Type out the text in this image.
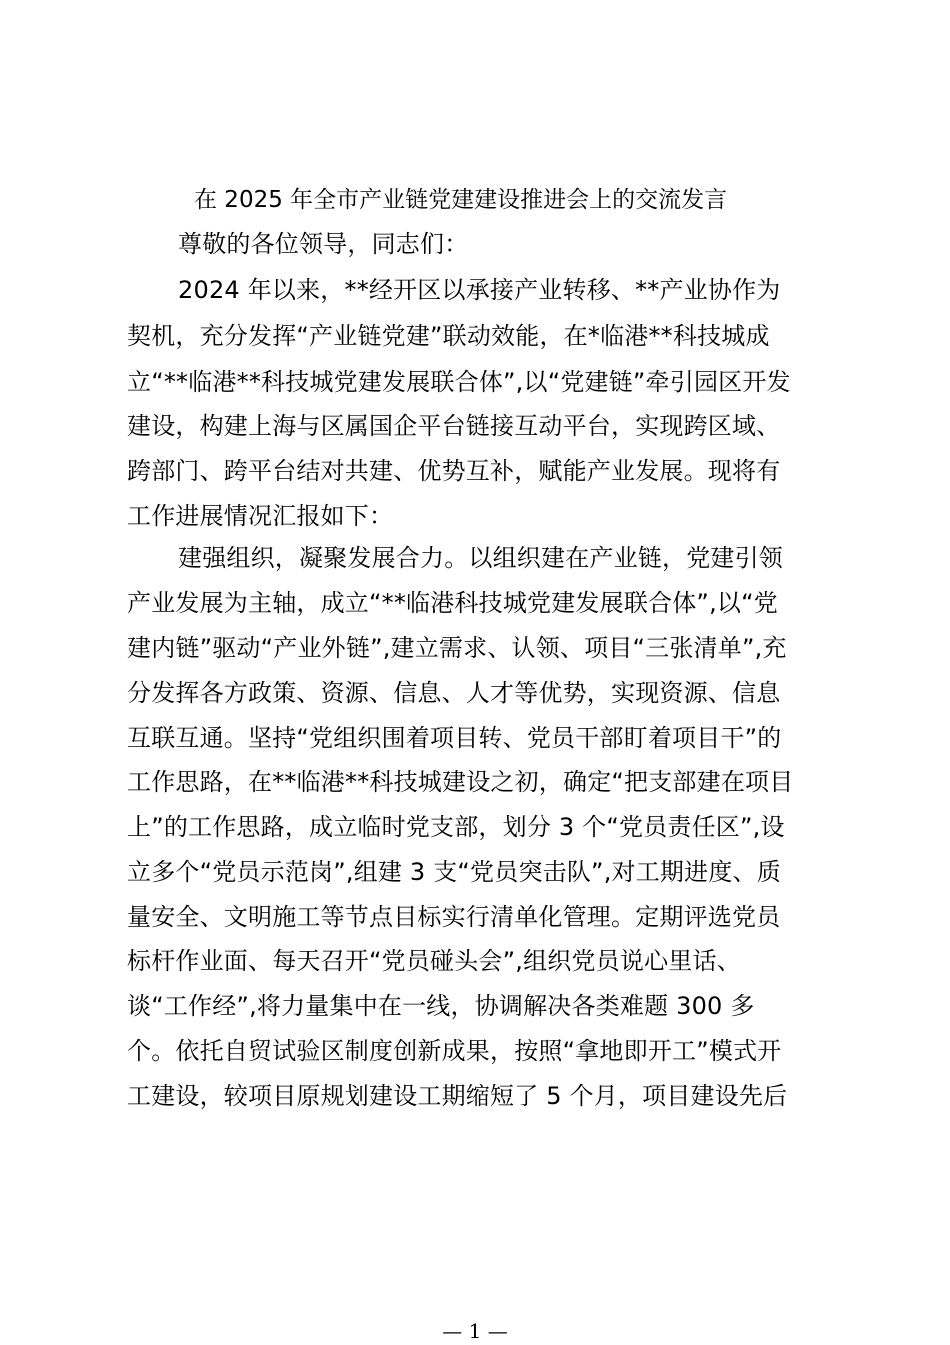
在 2025 年全市产业链党建建设推进会上的交流发言
尊敬的各位领导，同志们：
2024 年以来，**经开区以承接产业转移、**产业协作为
契机，充分发挥“产业链党建”联动效能，在*临港**科技城成
立“**临港**科技城党建发展联合体”,以“党建链”牵引园区开发
建设，构建上海与区属国企平台链接互动平台，实现跨区域、
跨部门、跨平台结对共建、优势互补，赋能产业发展。现将有
工作进展情况汇报如下：
建强组织，凝聚发展合力。以组织建在产业链，党建引领
产业发展为主轴，成立“**临港科技城党建发展联合体”,以“党
建内链”驱动“产业外链”,建立需求、认领、项目“三张清单”,充
分发挥各方政策、资源、信息、人才等优势，实现资源、信息
互联互通。坚持“党组织围着项目转、党员干部盯着项目干”的
工作思路，在**临港**科技城建设之初，确定“把支部建在项目
上”的工作思路，成立临时党支部，划分 3 个“党员责任区”,设
立多个“党员示范岗”,组建 3 支“党员突击队”,对工期进度、质
量安全、文明施工等节点目标实行清单化管理。定期评选党员
标杆作业面、每天召开“党员碰头会”,组织党员说心里话、
谈“工作经”,将力量集中在一线，协调解决各类难题 300 多
个。依托自贸试验区制度创新成果，按照“拿地即开工”模式开
工建设，较项目原规划建设工期缩短了 5 个月，项目建设先后
— 1 —
